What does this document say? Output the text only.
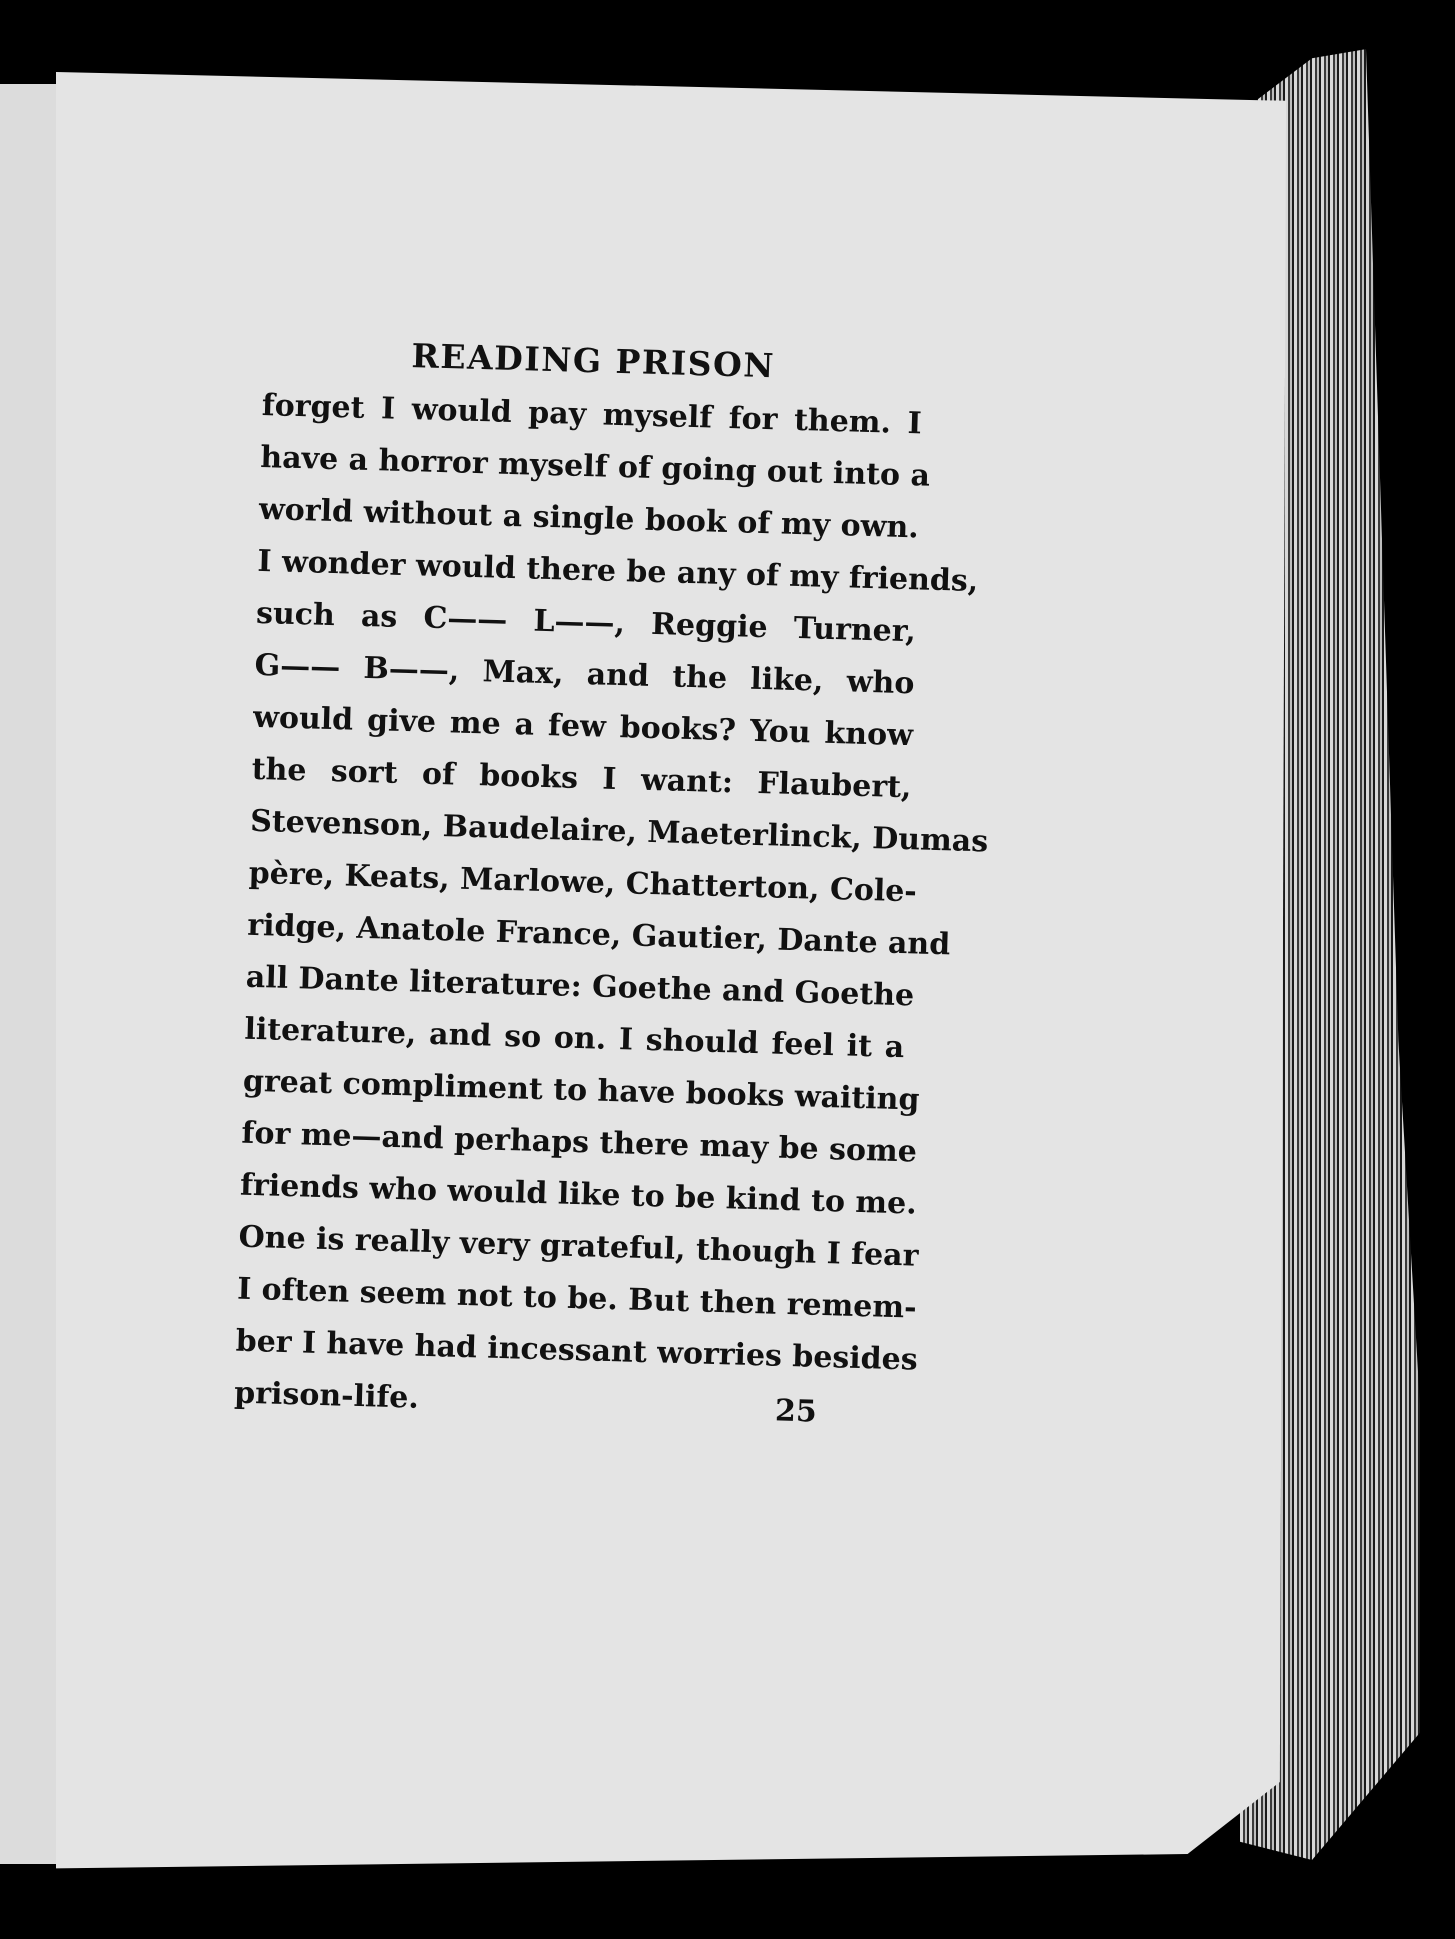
READING PRISON
forget I would pay myself for them. I
have a horror myself of going out into a
world without a single book of my own.
I wonder would there be any of my friends,
such as C—— L——, Reggie Turner,
G—— B——, Max, and the like, who
would give me a few books? You know
the sort of books I want: Flaubert,
Stevenson, Baudelaire, Maeterlinck, Dumas
père, Keats, Marlowe, Chatterton, Cole-
ridge, Anatole France, Gautier, Dante and
all Dante literature: Goethe and Goethe
literature, and so on. I should feel it a
great compliment to have books waiting
for me—and perhaps there may be some
friends who would like to be kind to me.
One is really very grateful, though I fear
I often seem not to be. But then remem-
ber I have had incessant worries besides
prison-life.	25
